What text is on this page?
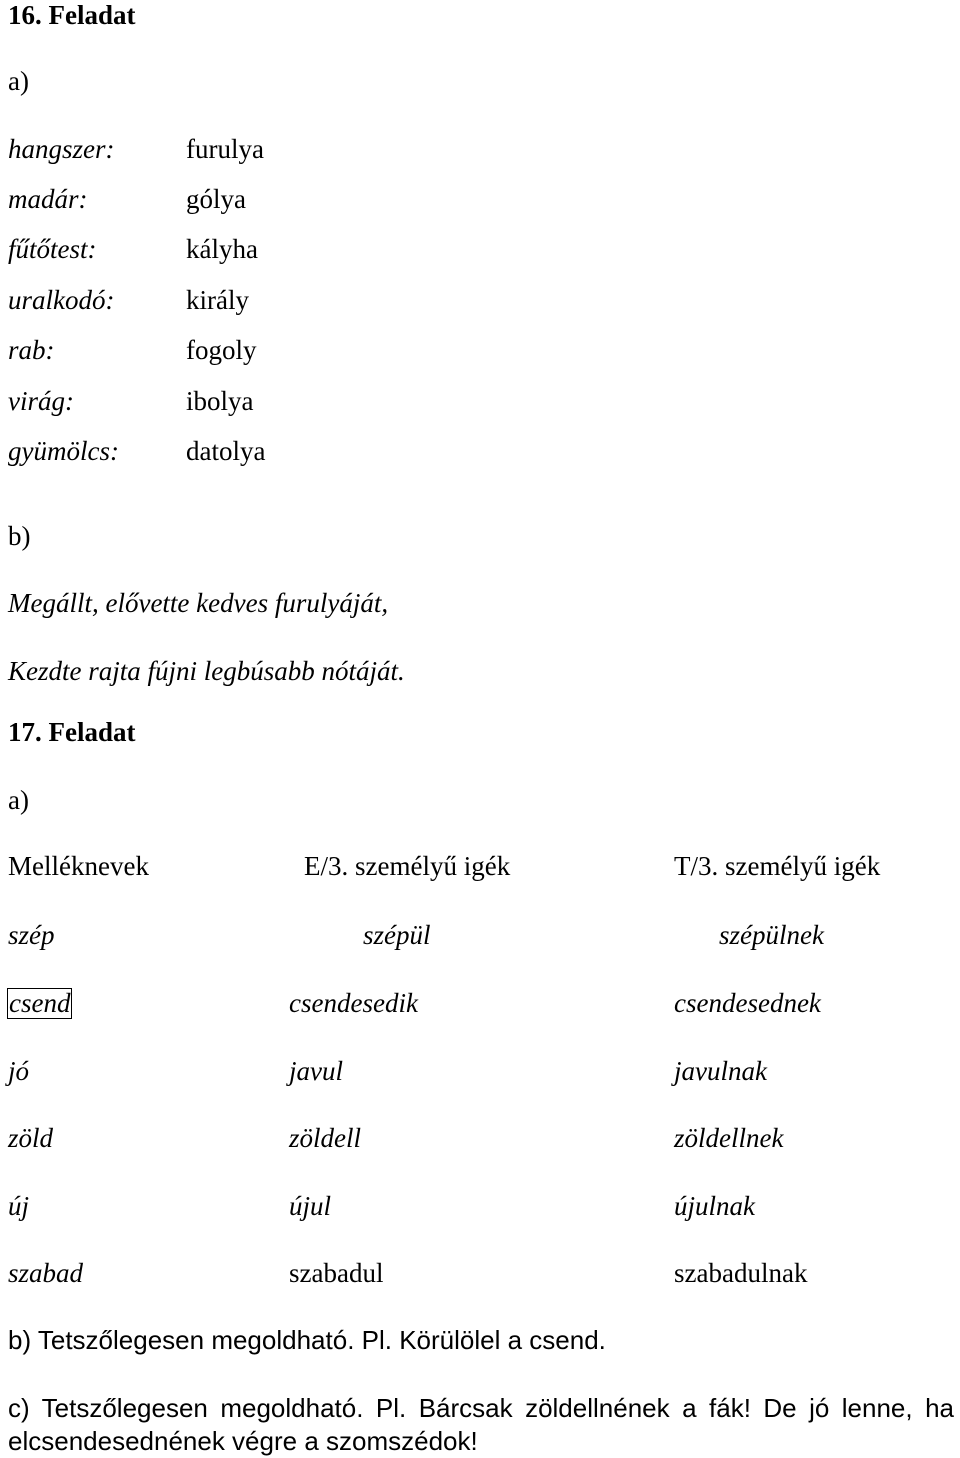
16. Feladat
a)
hangszer:	furulya
madár:	gólya
fűtőtest:	kályha
uralkodó:	király
rab:	fogoly
virág:	ibolya
gyümölcs: datolya
b)
Megállt, elővette kedves furulyáját,
Kezdte rajta fújni legbúsabb nótáját.
17. Feladat
a)
Melléknevek	E/3. személyű igék	T/3. személyű igék
szép	szépül	szépülnek
csend	csendesedik	csendesednek
jó	javul	javulnak
zöld	zöldell	zöldellnek
új	újul	újulnak
szabad	szabadul	szabadulnak
b) Tetszőlegesen megoldható. Pl. Körülölel a csend.
c) Tetszőlegesen megoldható. Pl. Bárcsak zöldellnének a fák! De jó lenne, ha
elcsendesednének végre a szomszédok!
